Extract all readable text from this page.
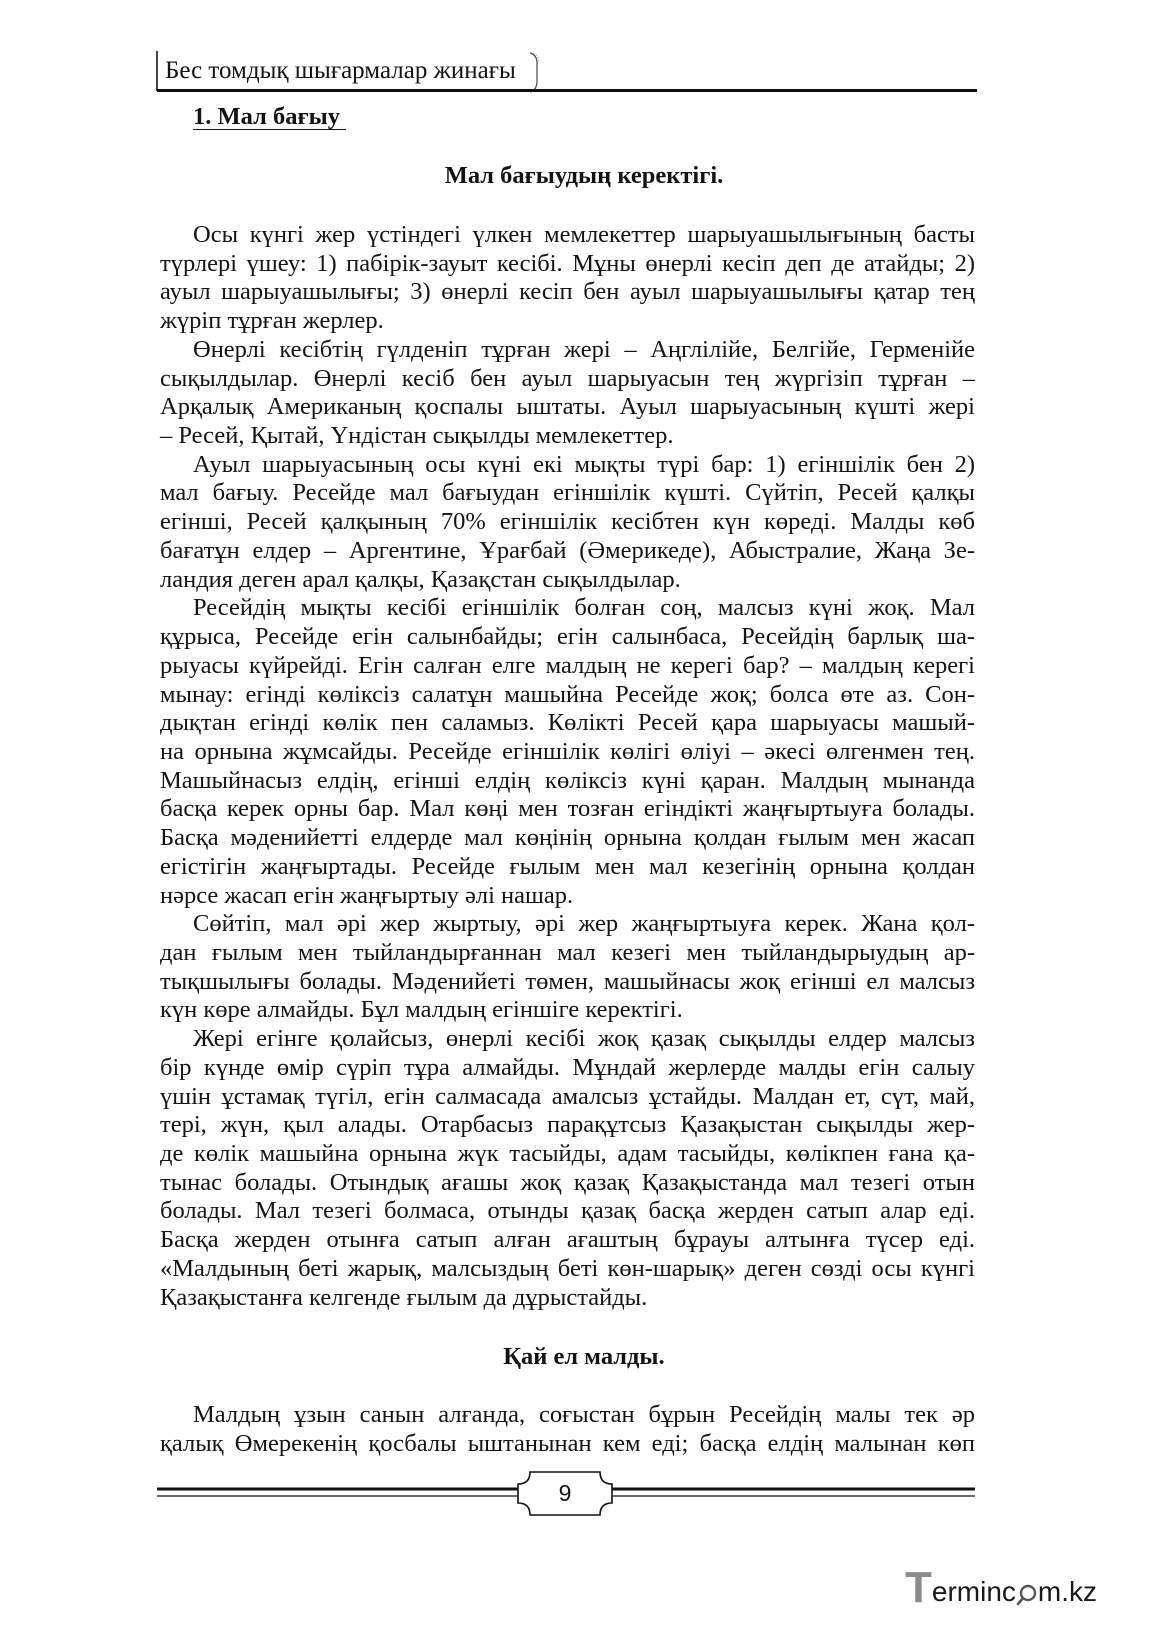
Бес томдық шығармалар жинағы
1. Мал бағыу
Мал бағыудың керектігі.
Осы күнгі жер үстіндегі үлкен мемлекеттер шарыуашылығының басты
түрлері үшеу: 1) пабірік-зауыт кесібі. Мұны өнерлі кесіп деп де атайды; 2)
ауыл шарыуашылығы; 3) өнерлі кесіп бен ауыл шарыуашылығы қатар тең
жүріп тұрған жерлер.
Өнерлі кесібтің гүлденіп тұрған жері – Аңглілійе, Белгійе, Герменійе
сықылдылар. Өнерлі кесіб бен ауыл шарыуасын тең жүргізіп тұрған –
Арқалық Американың қоспалы ыштаты. Ауыл шарыуасының күшті жері
– Ресей, Қытай, Үндістан сықылды мемлекеттер.
Ауыл шарыуасының осы күні екі мықты түрі бар: 1) егіншілік бен 2)
мал бағыу. Ресейде мал бағыудан егіншілік күшті. Сүйтіп, Ресей қалқы
егінші, Ресей қалқының 70% егіншілік кесібтен күн көреді. Малды көб
бағатұн елдер – Аргентине, Ұрағбай (Әмерикеде), Абыстралие, Жаңа Зе-
ландия деген арал қалқы, Қазақстан сықылдылар.
Ресейдің мықты кесібі егіншілік болған соң, малсыз күні жоқ. Мал
құрыса, Ресейде егін салынбайды; егін салынбаса, Ресейдің барлық ша-
рыуасы күйрейді. Егін салған елге малдың не керегі бар? – малдың керегі
мынау: егінді көліксіз салатұн машыйна Ресейде жоқ; болса өте аз. Сон-
дықтан егінді көлік пен саламыз. Көлікті Ресей қара шарыуасы машый-
на орнына жұмсайды. Ресейде егіншілік көлігі өліуі – әкесі өлгенмен тең.
Машыйнасыз елдің, егінші елдің көліксіз күні қаран. Малдың мынанда
басқа керек орны бар. Мал көңі мен тозған егіндікті жаңғыртыуға болады.
Басқа мәденийетті елдерде мал көңінің орнына қолдан ғылым мен жасап
егістігін жаңғыртады. Ресейде ғылым мен мал кезегінің орнына қолдан
нәрсе жасап егін жаңғыртыу әлі нашар.
Сөйтіп, мал әрі жер жыртыу, әрі жер жаңғыртыуға керек. Жана қол-
дан ғылым мен тыйландырғаннан мал кезегі мен тыйландырыудың ар-
тықшылығы болады. Мәденийеті төмен, машыйнасы жоқ егінші ел малсыз
күн көре алмайды. Бұл малдың егіншіге керектігі.
Жері егінге қолайсыз, өнерлі кесібі жоқ қазақ сықылды елдер малсыз
бір күнде өмір сүріп тұра алмайды. Мұндай жерлерде малды егін салыу
үшін ұстамақ түгіл, егін салмасада амалсыз ұстайды. Малдан ет, сүт, май,
тері, жүн, қыл алады. Отарбасыз парақұтсыз Қазақыстан сықылды жер-
де көлік машыйна орнына жүк тасыйды, адам тасыйды, көлікпен ғана қа-
тынас болады. Отындық ағашы жоқ қазақ Қазақыстанда мал тезегі отын
болады. Мал тезегі болмаса, отынды қазақ басқа жерден сатып алар еді.
Басқа жерден отынға сатып алған ағаштың бұрауы алтынға түсер еді.
«Малдының беті жарық, малсыздың беті көн-шарық» деген сөзді осы күнгі
Қазақыстанға келгенде ғылым да дұрыстайды.
Қай ел малды.
Малдың ұзын санын алғанда, соғыстан бұрын Ресейдің малы тек әр
қалық Өмерекенің қосбалы ыштанынан кем еді; басқа елдің малынан көп
9
T erminc m.kz
